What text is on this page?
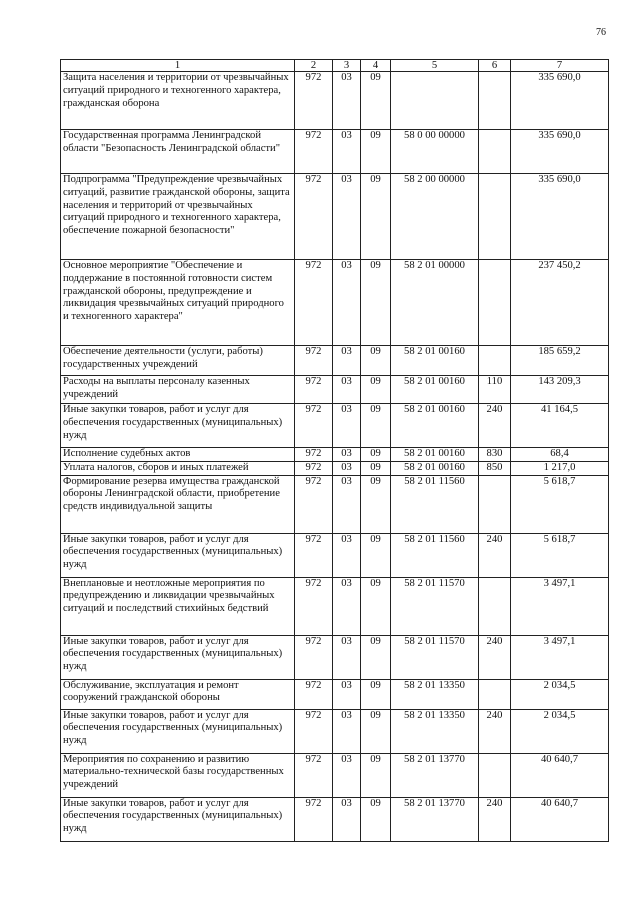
76
1	2	3	4	5	6	7
Защита населения и территории от чрезвычайных ситуаций природного и техногенного характера, гражданская оборона	972	03	09			335 690,0
Государственная программа Ленинградской области "Безопасность Ленинградской области"	972	03	09	58 0 00 00000		335 690,0
Подпрограмма "Предупреждение чрезвычайных ситуаций, развитие гражданской обороны, защита населения и территорий от чрезвычайных ситуаций природного и техногенного характера, обеспечение пожарной безопасности"	972	03	09	58 2 00 00000		335 690,0
Основное мероприятие "Обеспечение и поддержание в постоянной готовности систем гражданской обороны, предупреждение и ликвидация чрезвычайных ситуаций природного и техногенного характера"	972	03	09	58 2 01 00000		237 450,2
Обеспечение деятельности (услуги, работы) государственных учреждений	972	03	09	58 2 01 00160		185 659,2
Расходы на выплаты персоналу казенных учреждений	972	03	09	58 2 01 00160	110	143 209,3
Иные закупки товаров, работ и услуг для обеспечения государственных (муниципальных) нужд	972	03	09	58 2 01 00160	240	41 164,5
Исполнение судебных актов	972	03	09	58 2 01 00160	830	68,4
Уплата налогов, сборов и иных платежей	972	03	09	58 2 01 00160	850	1 217,0
Формирование резерва имущества гражданской обороны Ленинградской области, приобретение средств индивидуальной защиты	972	03	09	58 2 01 11560		5 618,7
Иные закупки товаров, работ и услуг для обеспечения государственных (муниципальных) нужд	972	03	09	58 2 01 11560	240	5 618,7
Внеплановые и неотложные мероприятия по предупреждению и ликвидации чрезвычайных ситуаций и последствий стихийных бедствий	972	03	09	58 2 01 11570		3 497,1
Иные закупки товаров, работ и услуг для обеспечения государственных (муниципальных) нужд	972	03	09	58 2 01 11570	240	3 497,1
Обслуживание, эксплуатация и ремонт сооружений гражданской обороны	972	03	09	58 2 01 13350		2 034,5
Иные закупки товаров, работ и услуг для обеспечения государственных (муниципальных) нужд	972	03	09	58 2 01 13350	240	2 034,5
Мероприятия по сохранению и развитию материально-технической базы государственных учреждений	972	03	09	58 2 01 13770		40 640,7
Иные закупки товаров, работ и услуг для обеспечения государственных (муниципальных) нужд	972	03	09	58 2 01 13770	240	40 640,7
